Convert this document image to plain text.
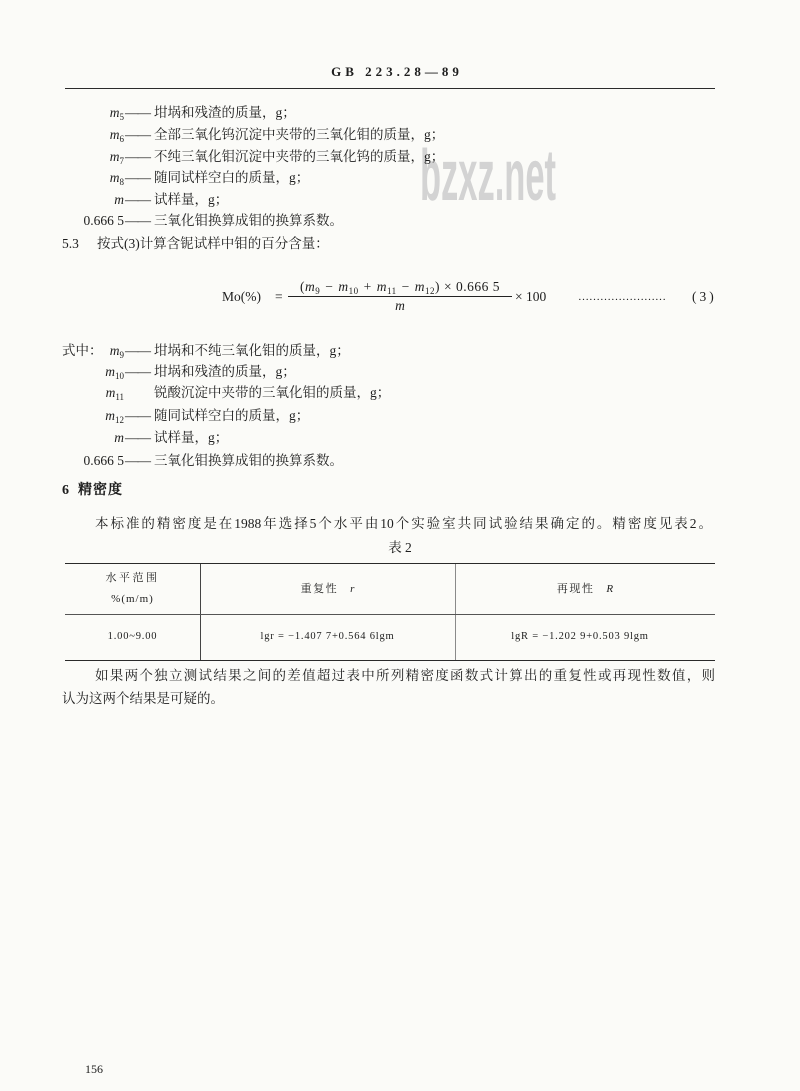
bzxz.net
GB 223.28—89
$m_5$ —— 坩埚和残渣的质量，g；
$m_6$ —— 全部三氧化钨沉淀中夹带的三氧化钼的质量，g；
$m_7$ —— 不纯三氧化钼沉淀中夹带的三氧化钨的质量，g；
$m_8$ —— 随同试样空白的质量，g；
m —— 试样量，g；
0.666 5 —— 三氧化钼换算成钼的换算系数。
5.3 按式(3)计算含铌试样中钼的百分含量：
Mo(%) =
$(m_9 - m_{10} + m_{11} - m_{12}) \times 0.666$ 5
m
× 100	……………………	(3)
式中： $m_9$ —— 坩埚和不纯三氧化钼的质量，g；
$m_{10}$ —— 坩埚和残渣的质量，g；
$m_{11}$ 锐酸沉淀中夹带的三氧化钼的质量，g；
$m_{12}$ —— 随同试样空白的质量，g；
m —— 试样量，g；
0.666 5 —— 三氧化钼换算成钼的换算系数。
6 精密度
本标准的精密度是在1988年选择5个水平由10个实验室共同试验结果确定的。精密度见表2。
表 2
水平范围
%(m/m)
重复性 r	再现性 R
1.00~9.00	lgr = −1.407 7+0.564 6lgm	lgR = −1.202 9+0.503 9lgm
如果两个独立测试结果之间的差值超过表中所列精密度函数式计算出的重复性或再现性数值，则
认为这两个结果是可疑的。
156
